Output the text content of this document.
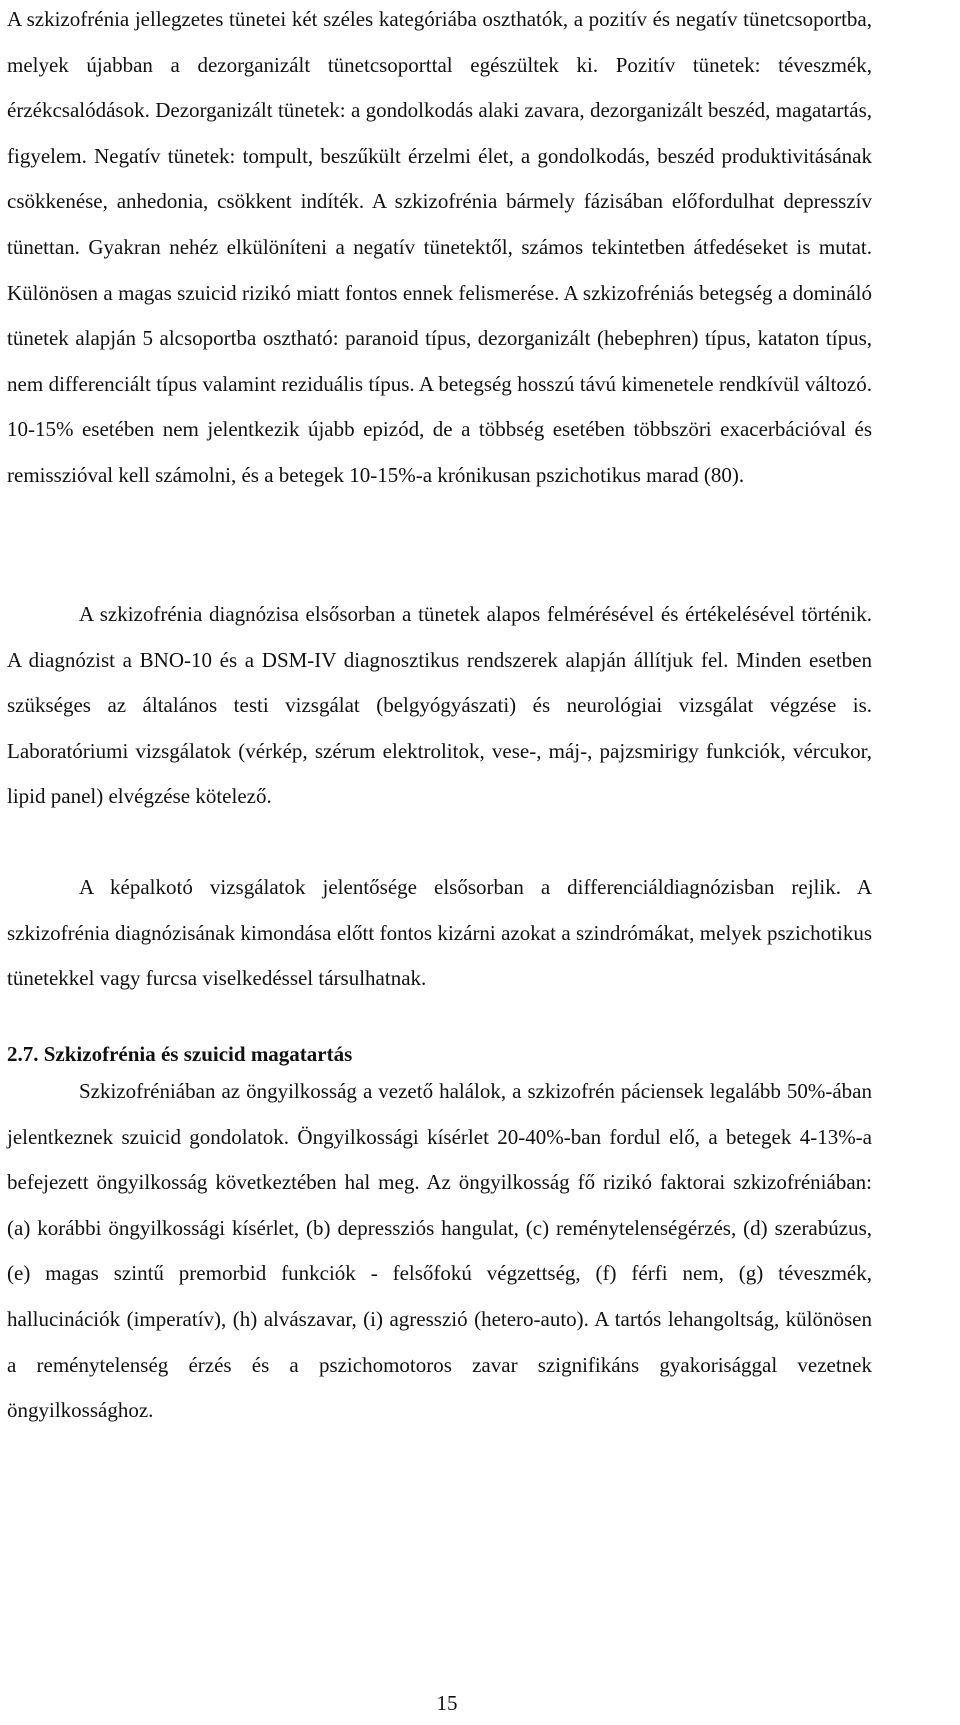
A szkizofrénia jellegzetes tünetei két széles kategóriába oszthatók, a pozitív és negatív tünetcsoportba, melyek újabban a dezorganizált tünetcsoporttal egészültek ki. Pozitív tünetek: téveszmék, érzékcsalódások. Dezorganizált tünetek: a gondolkodás alaki zavara, dezorganizált beszéd, magatartás, figyelem. Negatív tünetek: tompult, beszűkült érzelmi élet, a gondolkodás, beszéd produktivitásának csökkenése, anhedonia, csökkent indíték. A szkizofrénia bármely fázisában előfordulhat depresszív tünettan. Gyakran nehéz elkülöníteni a negatív tünetektől, számos tekintetben átfedéseket is mutat. Különösen a magas szuicid rizikó miatt fontos ennek felismerése. A szkizofréniás betegség a domináló tünetek alapján 5 alcsoportba osztható: paranoid típus, dezorganizált (hebephren) típus, kataton típus, nem differenciált típus valamint reziduális típus. A betegség hosszú távú kimenetele rendkívül változó. 10-15% esetében nem jelentkezik újabb epizód, de a többség esetében többszöri exacerbációval és remisszióval kell számolni, és a betegek 10-15%-a krónikusan pszichotikus marad (80).

A szkizofrénia diagnózisa elsősorban a tünetek alapos felmérésével és értékelésével történik. A diagnózist a BNO-10 és a DSM-IV diagnosztikus rendszerek alapján állítjuk fel. Minden esetben szükséges az általános testi vizsgálat (belgyógyászati) és neurológiai vizsgálat végzése is. Laboratóriumi vizsgálatok (vérkép, szérum elektrolitok, vese-, máj-, pajzsmirigy funkciók, vércukor, lipid panel) elvégzése kötelező.

A képalkotó vizsgálatok jelentősége elsősorban a differenciáldiagnózisban rejlik. A szkizofrénia diagnózisának kimondása előtt fontos kizárni azokat a szindrómákat, melyek pszichotikus tünetekkel vagy furcsa viselkedéssel társulhatnak.

2.7. Szkizofrénia és szuicid magatartás

Szkizofréniában az öngyilkosság a vezető halálok, a szkizofrén páciensek legalább 50%-ában jelentkeznek szuicid gondolatok. Öngyilkossági kísérlet 20-40%-ban fordul elő, a betegek 4-13%-a befejezett öngyilkosság következtében hal meg. Az öngyilkosság fő rizikó faktorai szkizofréniában: (a) korábbi öngyilkossági kísérlet, (b) depressziós hangulat, (c) reménytelenségérzés, (d) szerabúzus, (e) magas szintű premorbid funkciók - felsőfokú végzettség, (f) férfi nem, (g) téveszmék, hallucinációk (imperatív), (h) alvászavar, (i) agresszió (hetero-auto). A tartós lehangoltság, különösen a reménytelenség érzés és a pszichomotoros zavar szignifikáns gyakorisággal vezetnek öngyilkossághoz.

15
